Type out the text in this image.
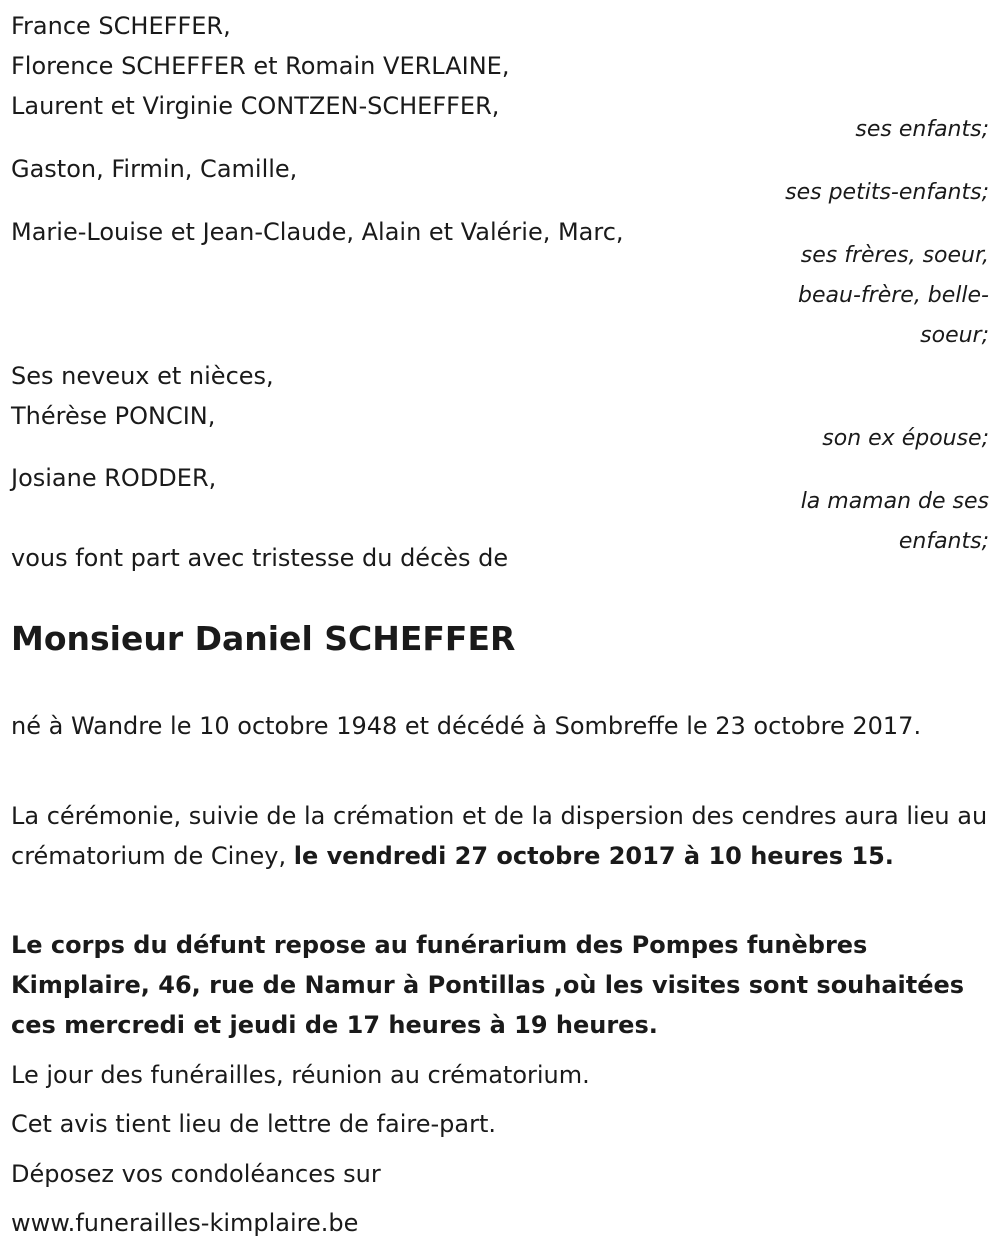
France SCHEFFER,

Florence SCHEFFER et Romain VERLAINE,

Laurent et Virginie CONTZEN-SCHEFFER,

ses enfants;

Gaston, Firmin, Camille,

ses petits-enfants;

Marie-Louise et Jean-Claude, Alain et Valérie, Marc,

ses frères, soeur,

beau-frère, belle-

soeur;

Ses neveux et nièces,

Thérèse PONCIN,

son ex épouse;

Josiane RODDER,

la maman de ses

enfants;

vous font part avec tristesse du décès de

Monsieur Daniel SCHEFFER

né à Wandre le 10 octobre 1948 et décédé à Sombreffe le 23 octobre 2017.

La cérémonie, suivie de la crémation et de la dispersion des cendres aura lieu au crématorium de Ciney, le vendredi 27 octobre 2017 à 10 heures 15.

Le corps du défunt repose au funérarium des Pompes funèbres Kimplaire, 46, rue de Namur à Pontillas ,où les visites sont souhaitées ces mercredi et jeudi de 17 heures à 19 heures.

Le jour des funérailles, réunion au crématorium.

Cet avis tient lieu de lettre de faire-part.

Déposez vos condoléances sur

www.funerailles-kimplaire.be
